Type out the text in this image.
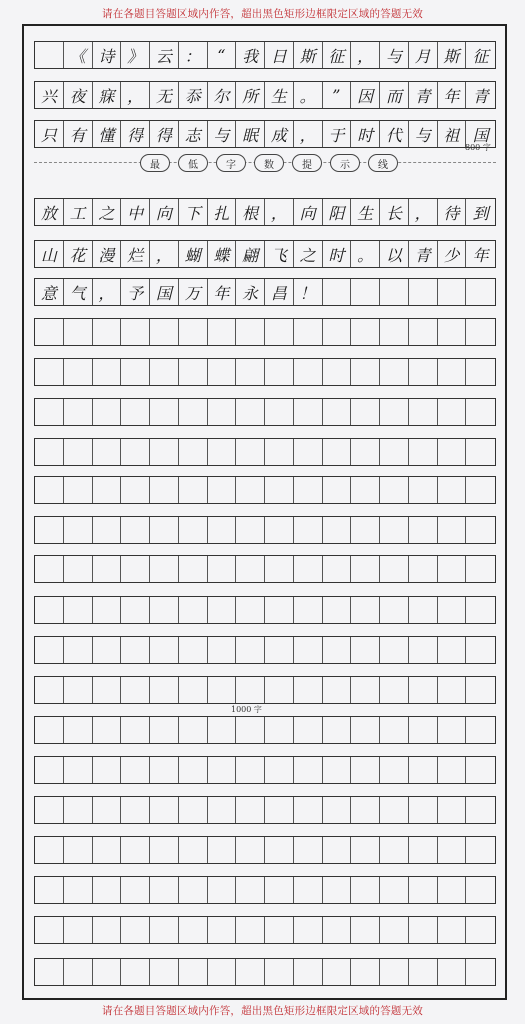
请在各题目答题区域内作答，超出黑色矩形边框限定区域的答题无效
《 诗 》 云 ：	“	我 日 斯 征 ， 与 月 斯 征
兴 夜 寐 ， 无 忝 尔 所 生 。	”	因 而 青 年 青
只 有 懂 得 得 志 与 眠 成 ， 于 时 代 与 祖 国
放 工 之 中 向 下 扎 根 ， 向 阳 生 长 ， 待 到
山 花 漫 烂 ， 蝴 蝶 翩 飞 之 时 。 以 青 少 年
意 气 ， 予 国 万 年 永 昌 ！
最	低	字	数	提	示	线
800 字
1000 字
请在各题目答题区域内作答，超出黑色矩形边框限定区域的答题无效
